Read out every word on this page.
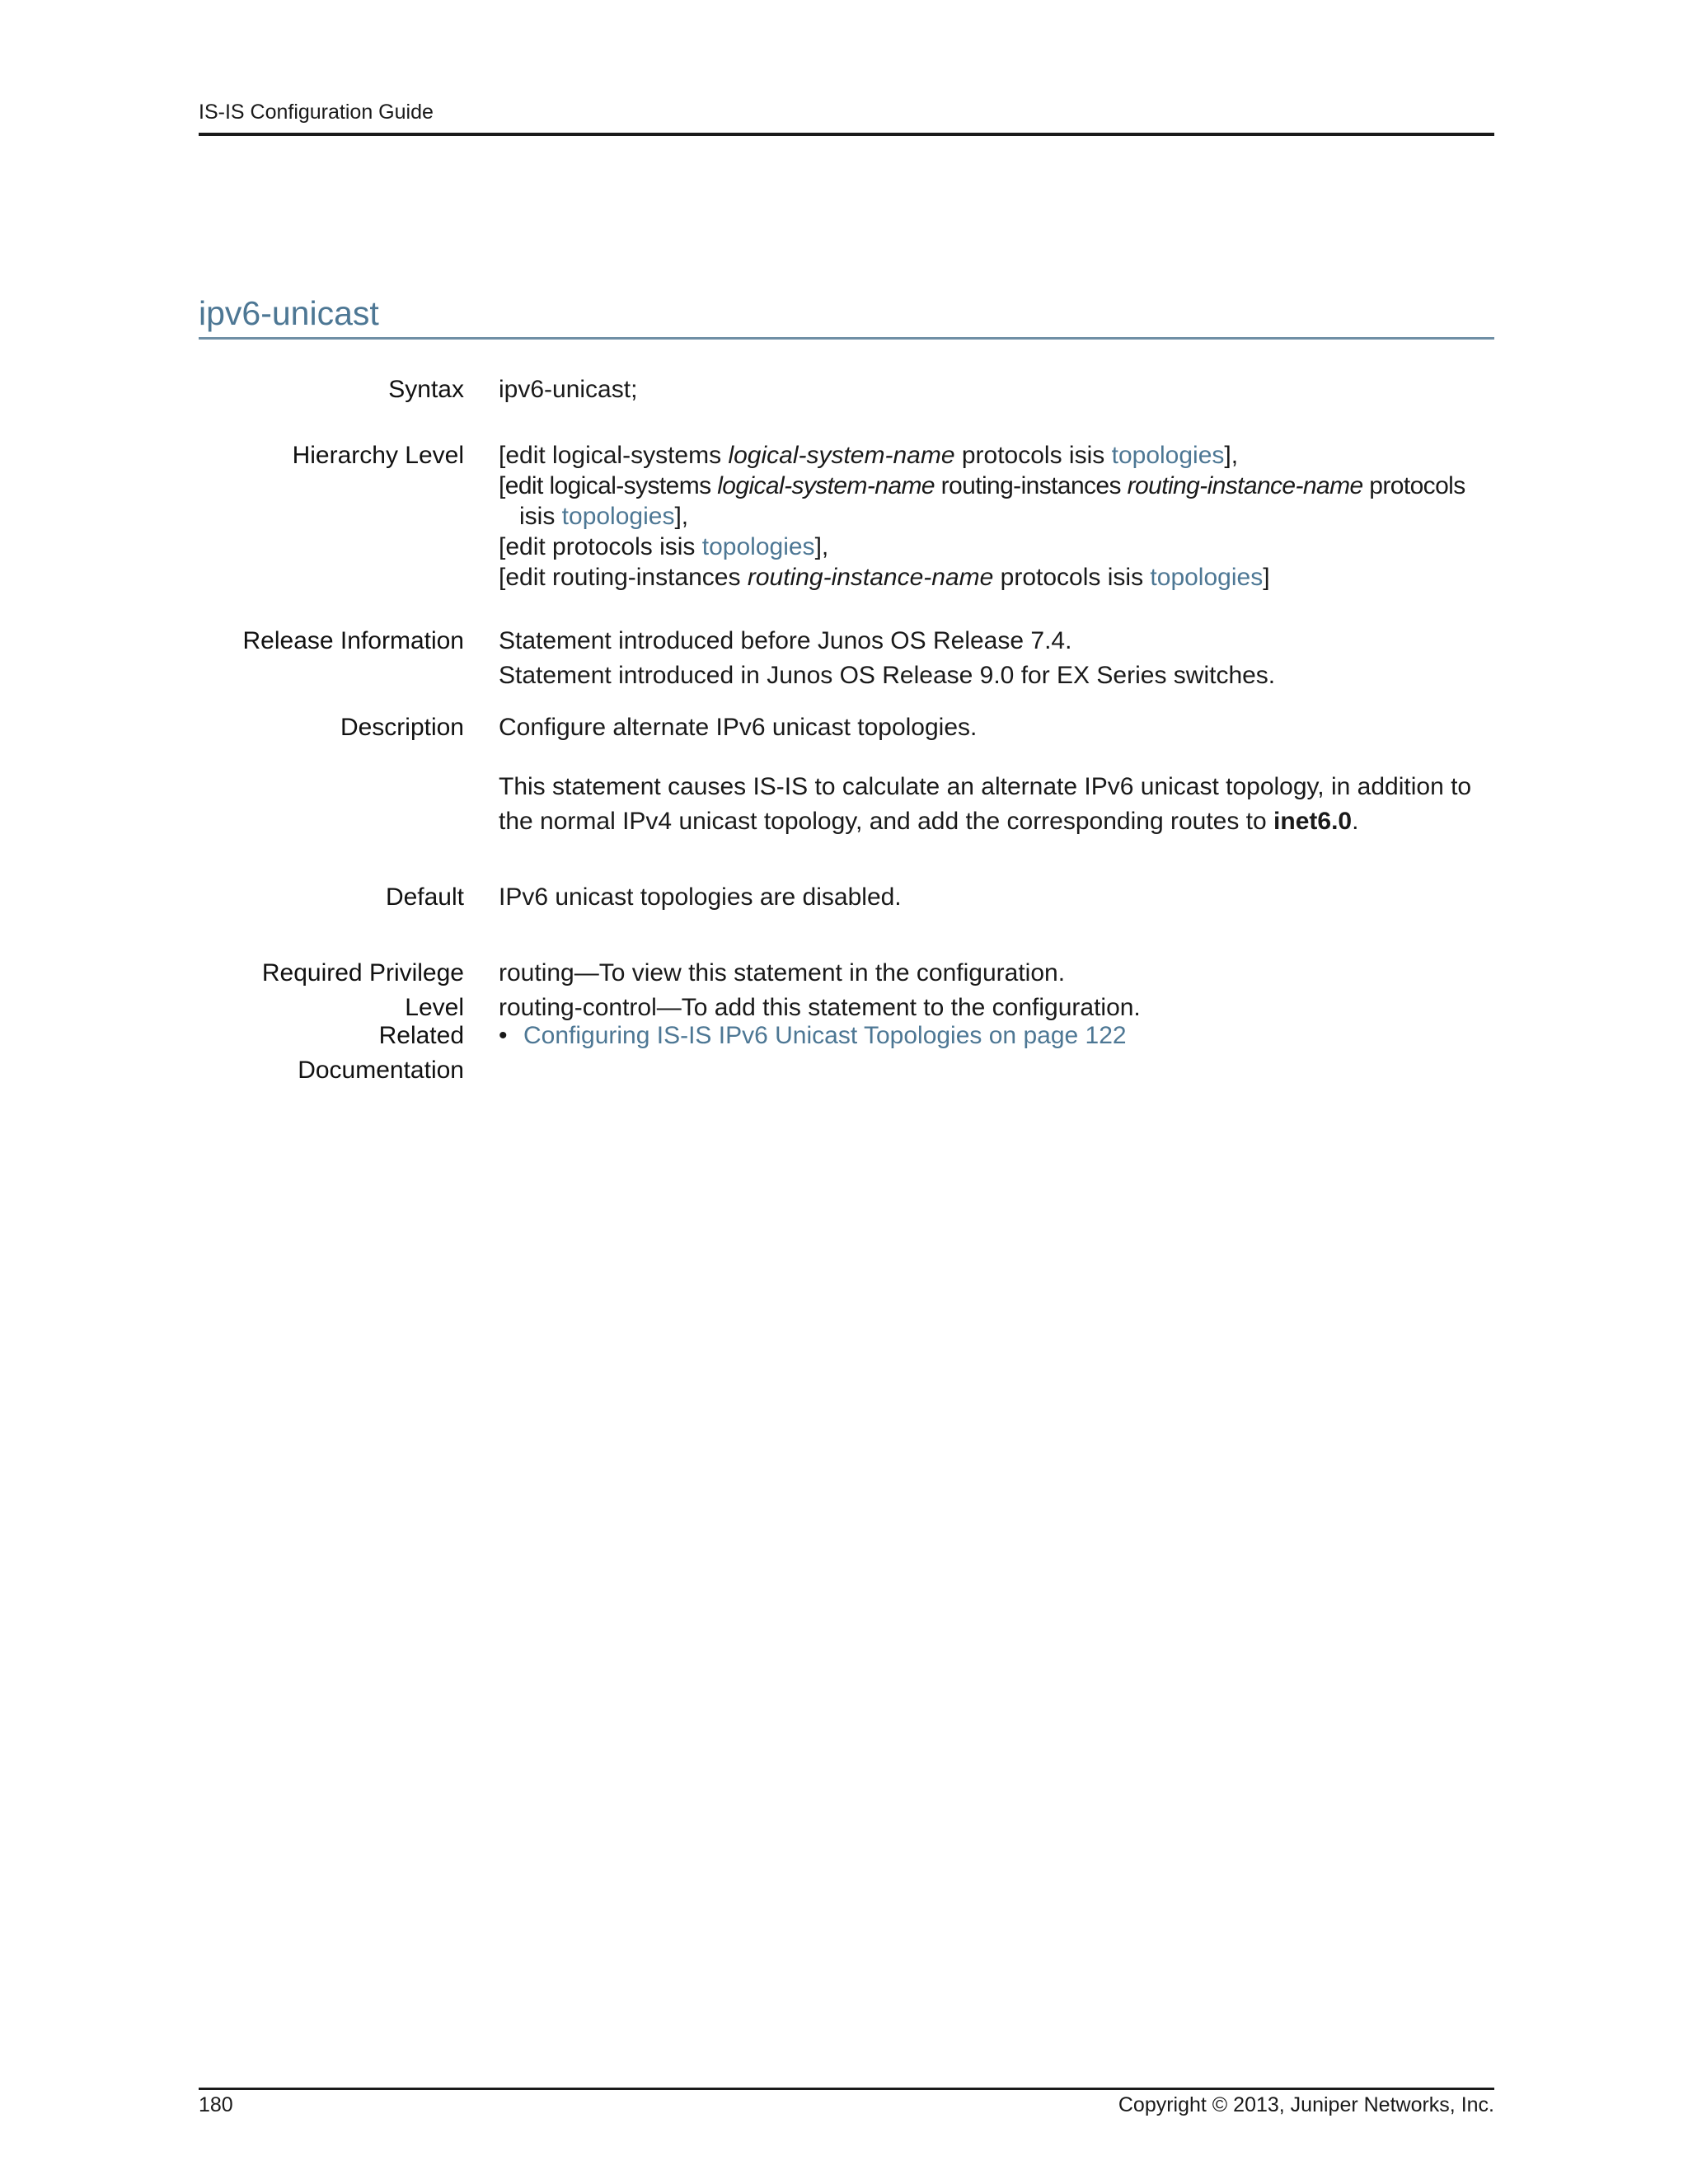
IS-IS Configuration Guide
ipv6-unicast
Syntax ipv6-unicast;
Hierarchy Level [edit logical-systems logical-system-name protocols isis topologies],
[edit logical-systems logical-system-name routing-instances routing-instance-name protocols
isis topologies],
[edit protocols isis topologies],
[edit routing-instances routing-instance-name protocols isis topologies]
Release Information Statement introduced before Junos OS Release 7.4.
Statement introduced in Junos OS Release 9.0 for EX Series switches.
Description Configure alternate IPv6 unicast topologies.

This statement causes IS-IS to calculate an alternate IPv6 unicast topology, in addition to the normal IPv4 unicast topology, and add the corresponding routes to inet6.0.

Default IPv6 unicast topologies are disabled.
Required Privilege
Level
routing—To view this statement in the configuration.
routing-control—To add this statement to the configuration.
Related
Documentation
• Configuring IS-IS IPv6 Unicast Topologies on page 122
180	Copyright © 2013, Juniper Networks, Inc.
